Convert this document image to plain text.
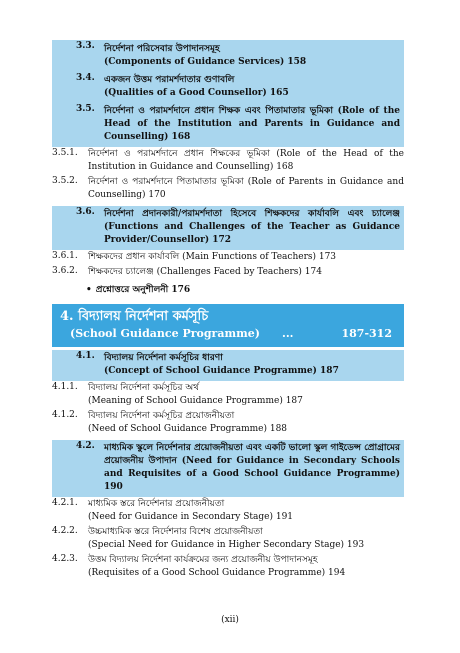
3.3.	নির্দেশনা পরিসেবার উপাদানসমূহ
(Components of Guidance Services) 158
3.4.	একজন উত্তম পরামর্শদাতার গুণাবলি
(Qualities of a Good Counsellor) 165
3.5.	নির্দেশনা ও পরামর্শদানে প্রধান শিক্ষক এবং পিতামাতার ভূমিকা (Role of the Head of the Institution and Parents in Guidance and Counselling) 168
3.5.1.	নির্দেশনা ও পরামর্শদানে প্রধান শিক্ষকের ভূমিকা (Role of the Head of the Institution in Guidance and Counselling) 168
3.5.2.	নির্দেশনা ও পরামর্শদানে পিতামাতার ভূমিকা (Role of Parents in Guidance and Counselling) 170
3.6.	নির্দেশনা প্রদানকারী/পরামর্শদাতা হিসেবে শিক্ষকদের কার্যাবলি এবং চ্যালেঞ্জ (Functions and Challenges of the Teacher as Guidance Provider/Counsellor) 172
3.6.1.	শিক্ষকদের প্রধান কার্যাবলি (Main Functions of Teachers) 173
3.6.2.	শিক্ষকদের চ্যালেঞ্জ (Challenges Faced by Teachers) 174
• প্রশ্নোত্তরে অনুশীলনী 176
4. বিদ্যালয় নির্দেশনা কর্মসূচি
(School Guidance Programme) ...	187-312
4.1.	বিদ্যালয় নির্দেশনা কর্মসূচির ধারণা
(Concept of School Guidance Programme) 187
4.1.1.	বিদ্যালয় নির্দেশনা কর্মসূচির অর্থ
(Meaning of School Guidance Programme) 187
4.1.2.	বিদ্যালয় নির্দেশনা কর্মসূচির প্রয়োজনীয়তা
(Need of School Guidance Programme) 188
4.2.	মাধ্যমিক স্কুলে নির্দেশনার প্রয়োজনীয়তা এবং একটি ভালো স্কুল গাইডেন্স প্রোগ্রামের প্রয়োজনীয় উপাদান (Need for Guidance in Secondary Schools and Requisites of a Good School Guidance Programme) 190
4.2.1.	মাধ্যমিক স্তরে নির্দেশনার প্রয়োজনীয়তা
(Need for Guidance in Secondary Stage) 191
4.2.2.	উচ্চমাধ্যমিক স্তরে নির্দেশনার বিশেষ প্রয়োজনীয়তা
(Special Need for Guidance in Higher Secondary Stage) 193
4.2.3.	উত্তম বিদ্যালয় নির্দেশনা কার্যক্রমের জন্য প্রয়োজনীয় উপাদানসমূহ
(Requisites of a Good School Guidance Programme) 194
(xii)
